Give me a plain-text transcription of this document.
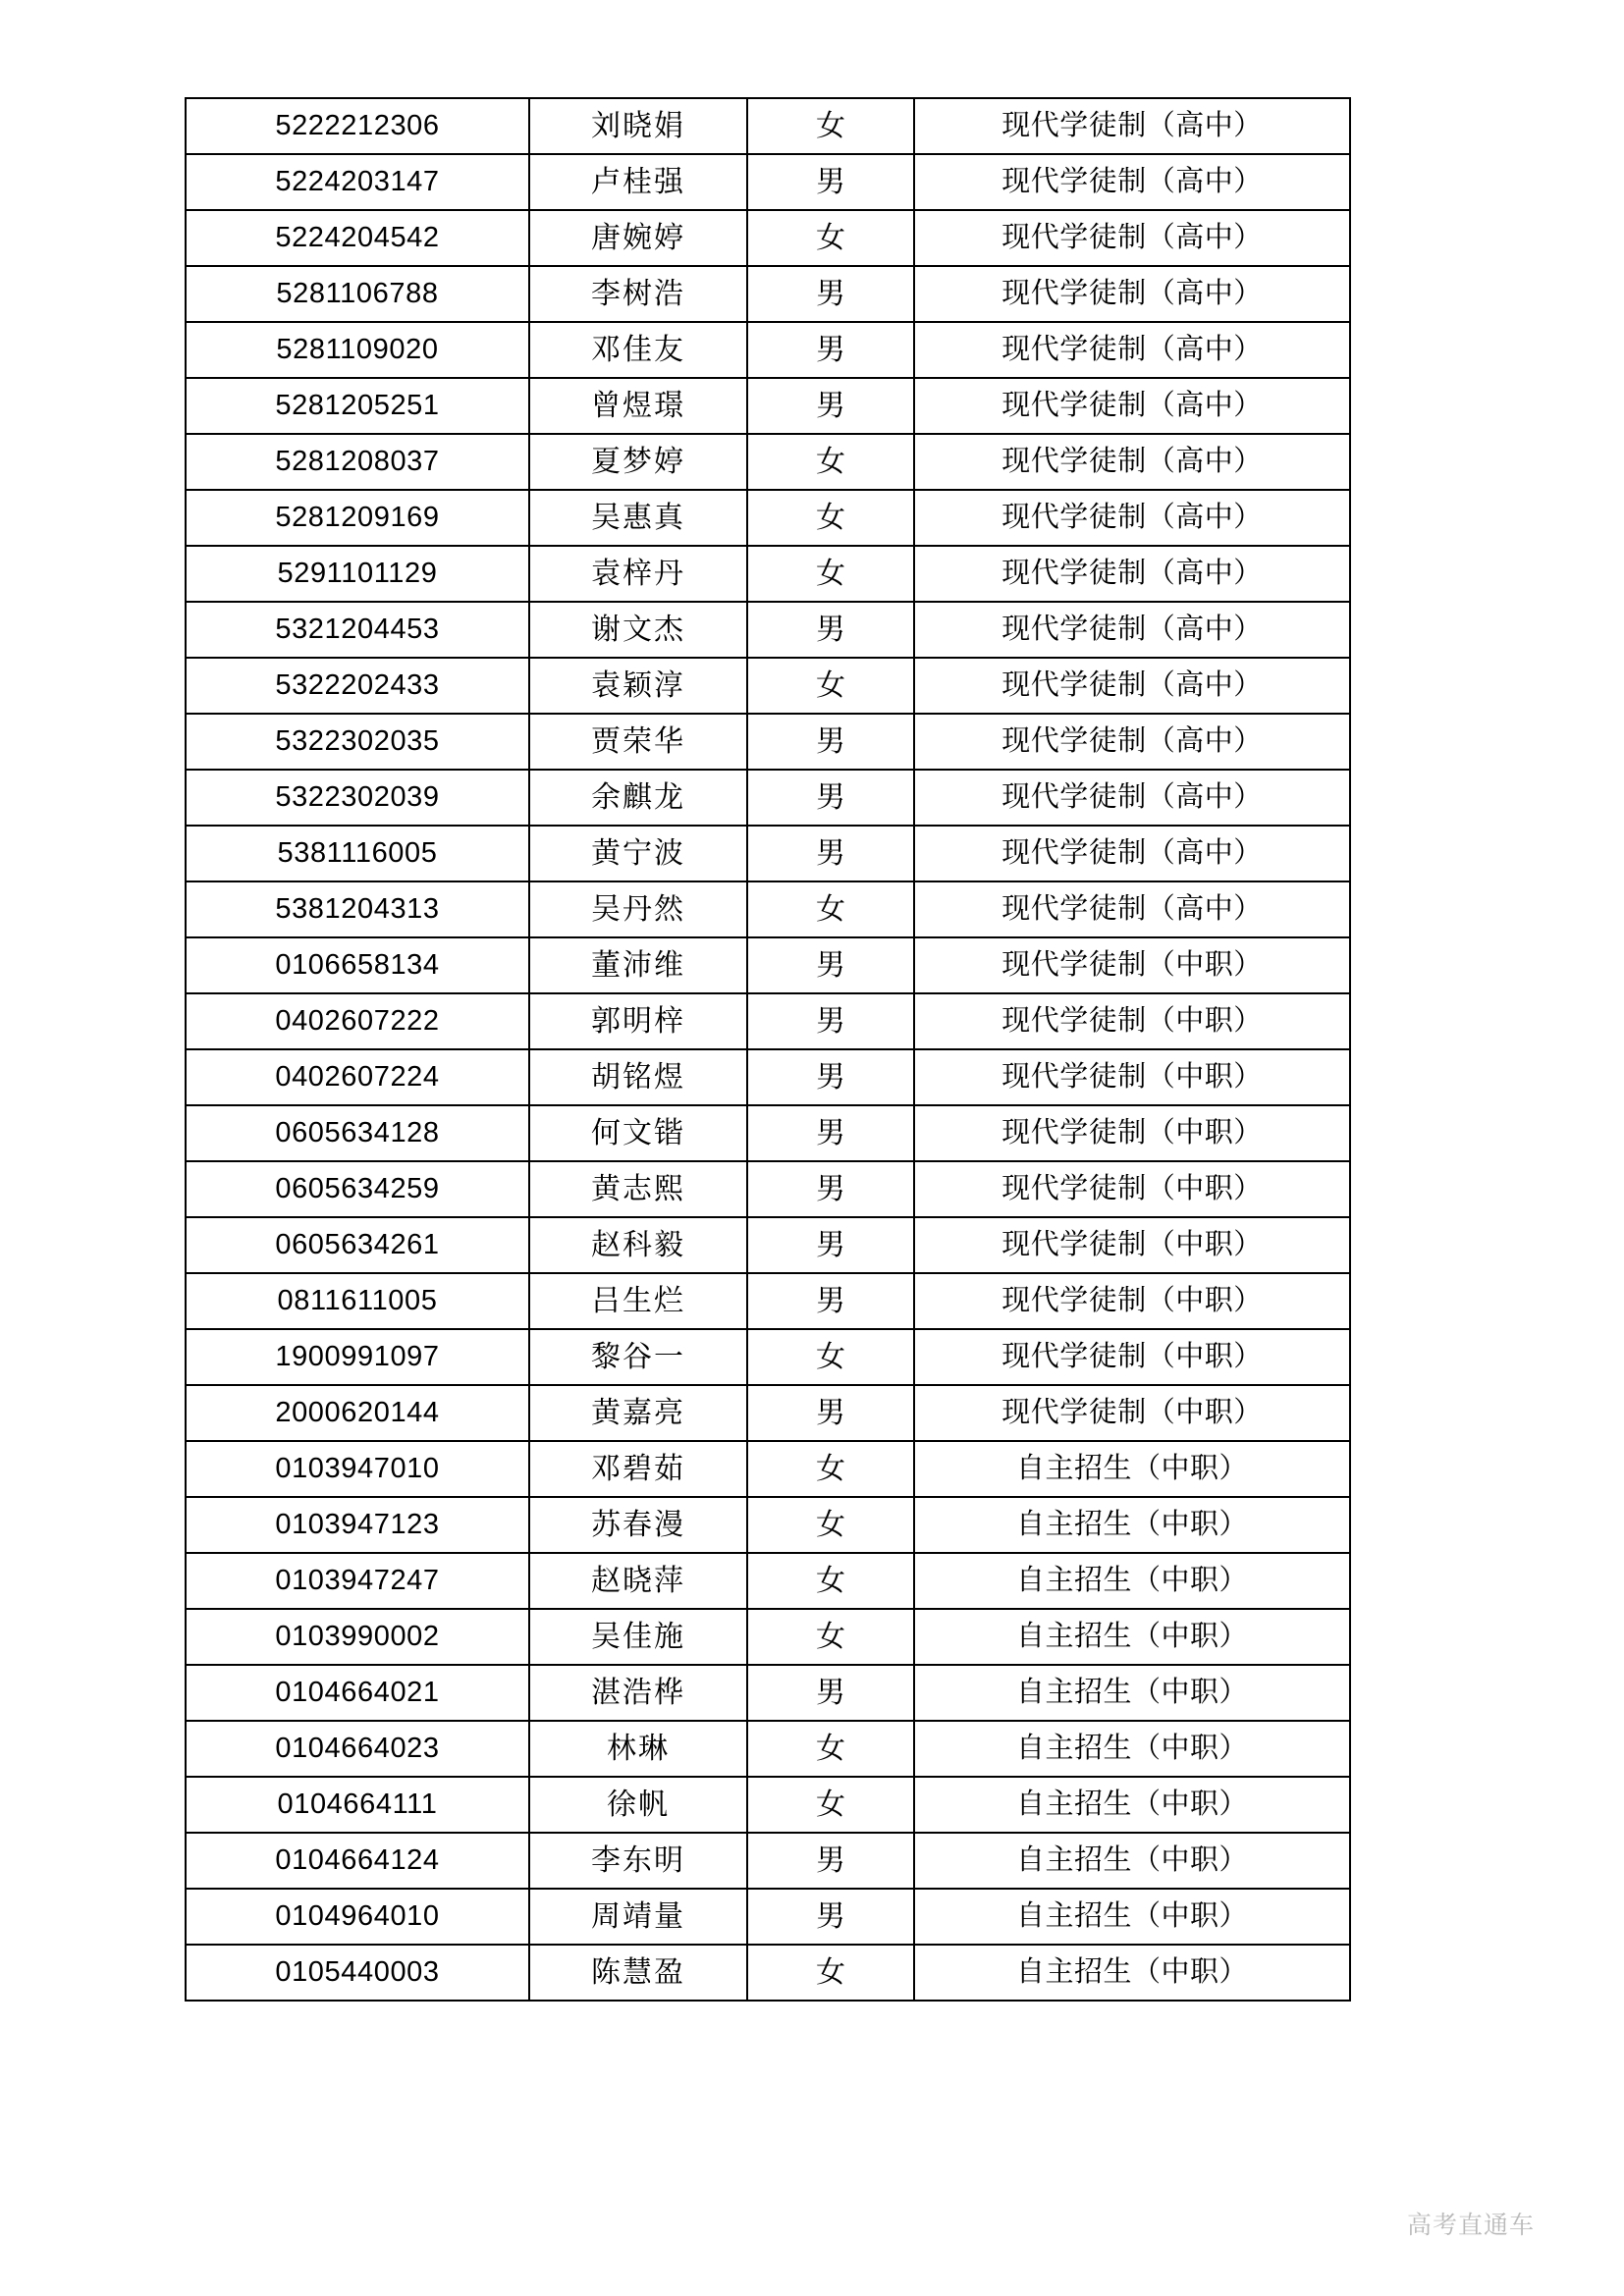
5222212306	刘晓娟	女	现代学徒制（高中）
5224203147	卢桂强	男	现代学徒制（高中）
5224204542	唐婉婷	女	现代学徒制（高中）
5281106788	李树浩	男	现代学徒制（高中）
5281109020	邓佳友	男	现代学徒制（高中）
5281205251	曾煜璟	男	现代学徒制（高中）
5281208037	夏梦婷	女	现代学徒制（高中）
5281209169	吴惠真	女	现代学徒制（高中）
5291101129	袁梓丹	女	现代学徒制（高中）
5321204453	谢文杰	男	现代学徒制（高中）
5322202433	袁颖淳	女	现代学徒制（高中）
5322302035	贾荣华	男	现代学徒制（高中）
5322302039	余麒龙	男	现代学徒制（高中）
5381116005	黄宁波	男	现代学徒制（高中）
5381204313	吴丹然	女	现代学徒制（高中）
0106658134	董沛维	男	现代学徒制（中职）
0402607222	郭明梓	男	现代学徒制（中职）
0402607224	胡铭煜	男	现代学徒制（中职）
0605634128	何文锴	男	现代学徒制（中职）
0605634259	黄志熙	男	现代学徒制（中职）
0605634261	赵科毅	男	现代学徒制（中职）
0811611005	吕生烂	男	现代学徒制（中职）
1900991097	黎谷一	女	现代学徒制（中职）
2000620144	黄嘉亮	男	现代学徒制（中职）
0103947010	邓碧茹	女	自主招生（中职）
0103947123	苏春漫	女	自主招生（中职）
0103947247	赵晓萍	女	自主招生（中职）
0103990002	吴佳施	女	自主招生（中职）
0104664021	湛浩桦	男	自主招生（中职）
0104664023	林琳	女	自主招生（中职）
0104664111	徐帆	女	自主招生（中职）
0104664124	李东明	男	自主招生（中职）
0104964010	周靖量	男	自主招生（中职）
0105440003	陈慧盈	女	自主招生（中职）
高考直通车
